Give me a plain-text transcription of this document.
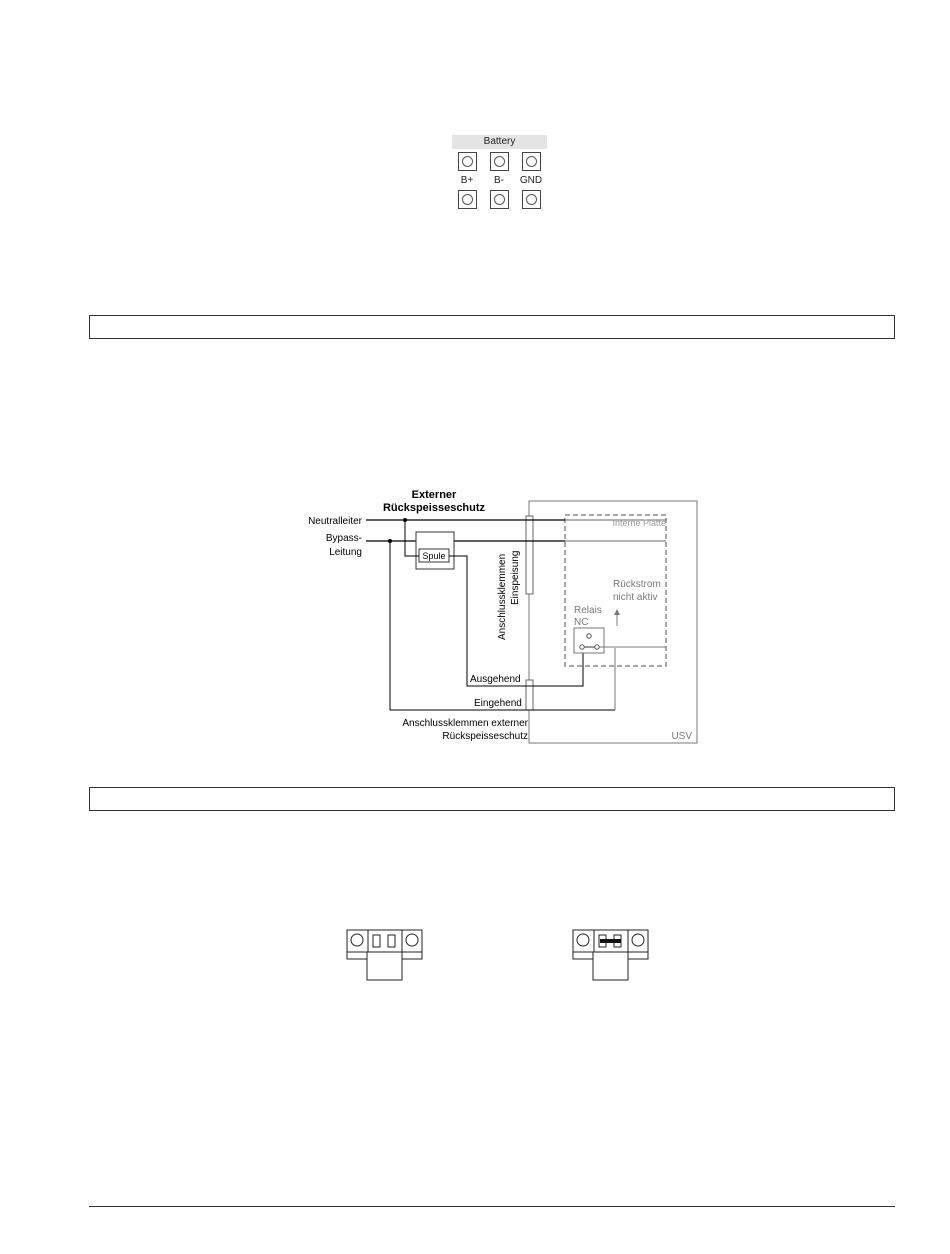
Battery
B+	B-	GND
Spule
Externer
Rückspeisseschutz
Neutralleiter
Bypass-
Leitung
Anschlussklemmen Einspeisung
Interne Platte
Rückstrom
nicht aktiv
Relais
NC
Ausgehend
Eingehend
Anschlussklemmen externer
Rückspeisseschutz	USV
